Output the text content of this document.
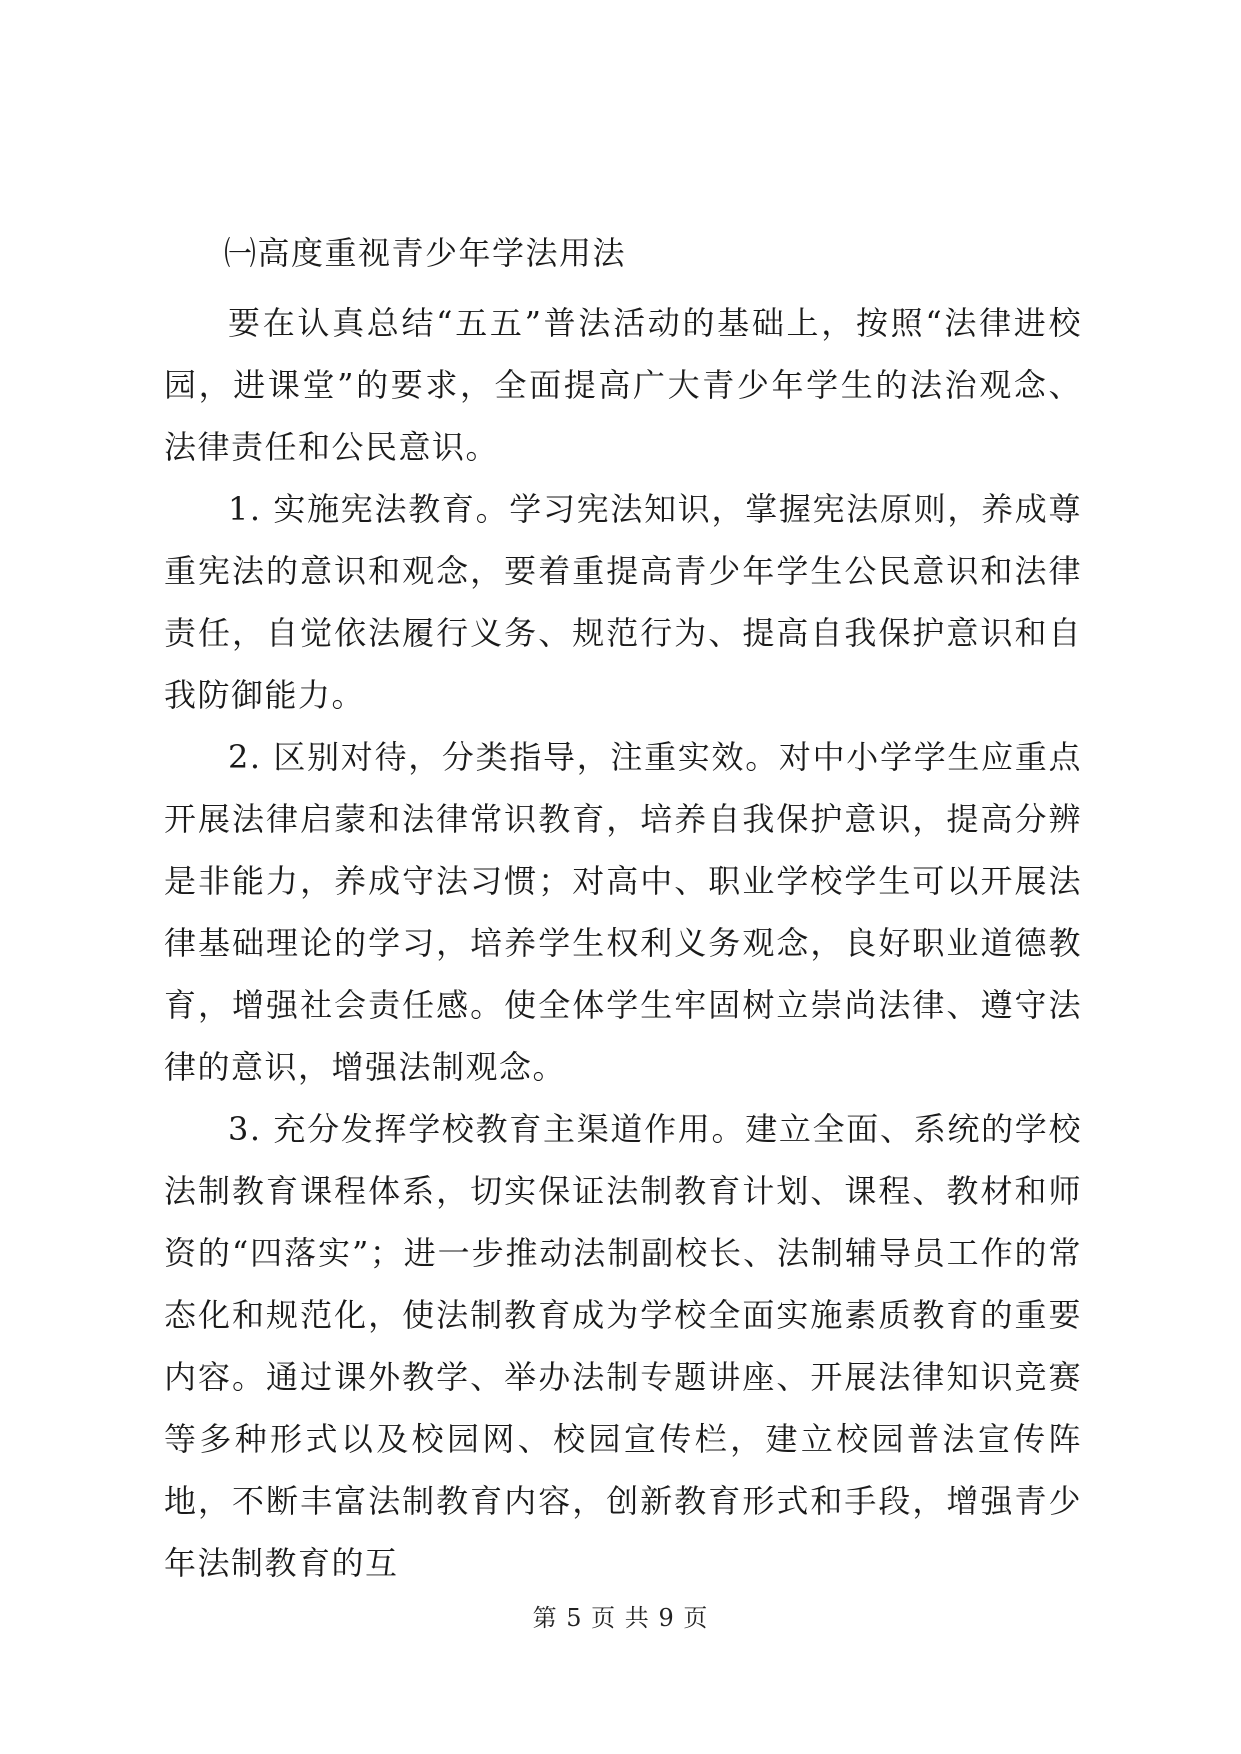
㈠高度重视青少年学法用法

要在认真总结“五五”普法活动的基础上，按照“法律进校园，进课堂”的要求，全面提高广大青少年学生的法治观念、法律责任和公民意识。

1. 实施宪法教育。学习宪法知识，掌握宪法原则，养成尊重宪法的意识和观念，要着重提高青少年学生公民意识和法律责任，自觉依法履行义务、规范行为、提高自我保护意识和自我防御能力。

2. 区别对待，分类指导，注重实效。对中小学学生应重点开展法律启蒙和法律常识教育，培养自我保护意识，提高分辨是非能力，养成守法习惯；对高中、职业学校学生可以开展法律基础理论的学习，培养学生权利义务观念，良好职业道德教育，增强社会责任感。使全体学生牢固树立崇尚法律、遵守法律的意识，增强法制观念。

3. 充分发挥学校教育主渠道作用。建立全面、系统的学校法制教育课程体系，切实保证法制教育计划、课程、教材和师资的“四落实”；进一步推动法制副校长、法制辅导员工作的常态化和规范化，使法制教育成为学校全面实施素质教育的重要内容。通过课外教学、举办法制专题讲座、开展法律知识竞赛等多种形式以及校园网、校园宣传栏，建立校园普法宣传阵地，不断丰富法制教育内容，创新教育形式和手段，增强青少年法制教育的互

第 5 页 共 9 页
